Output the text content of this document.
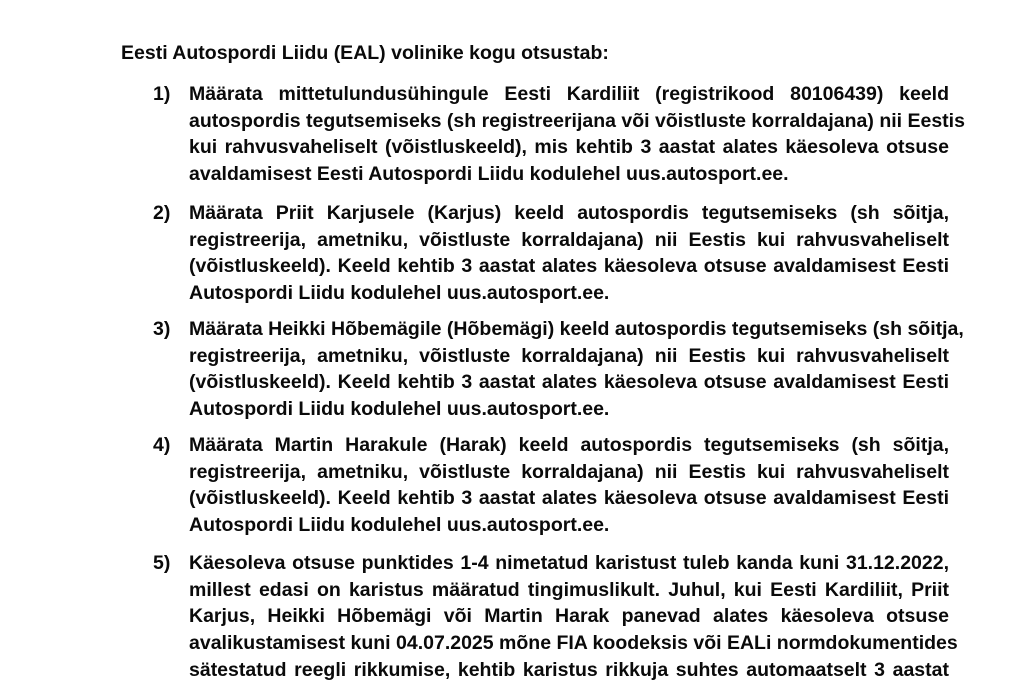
Eesti Autospordi Liidu (EAL) volinike kogu otsustab:
1) Määrata mittetulundusühingule Eesti Kardiliit (registrikood 80106439) keeld
autospordis tegutsemiseks (sh registreerijana või võistluste korraldajana) nii Eestis
kui rahvusvaheliselt (võistluskeeld), mis kehtib 3 aastat alates käesoleva otsuse
avaldamisest Eesti Autospordi Liidu kodulehel uus.autosport.ee.
2) Määrata Priit Karjusele (Karjus) keeld autospordis tegutsemiseks (sh sõitja,
registreerija, ametniku, võistluste korraldajana) nii Eestis kui rahvusvaheliselt
(võistluskeeld). Keeld kehtib 3 aastat alates käesoleva otsuse avaldamisest Eesti
Autospordi Liidu kodulehel uus.autosport.ee.
3) Määrata Heikki Hõbemägile (Hõbemägi) keeld autospordis tegutsemiseks (sh sõitja,
registreerija, ametniku, võistluste korraldajana) nii Eestis kui rahvusvaheliselt
(võistluskeeld). Keeld kehtib 3 aastat alates käesoleva otsuse avaldamisest Eesti
Autospordi Liidu kodulehel uus.autosport.ee.
4) Määrata Martin Harakule (Harak) keeld autospordis tegutsemiseks (sh sõitja,
registreerija, ametniku, võistluste korraldajana) nii Eestis kui rahvusvaheliselt
(võistluskeeld). Keeld kehtib 3 aastat alates käesoleva otsuse avaldamisest Eesti
Autospordi Liidu kodulehel uus.autosport.ee.
5) Käesoleva otsuse punktides 1-4 nimetatud karistust tuleb kanda kuni 31.12.2022,
millest edasi on karistus määratud tingimuslikult. Juhul, kui Eesti Kardiliit, Priit
Karjus, Heikki Hõbemägi või Martin Harak panevad alates käesoleva otsuse
avalikustamisest kuni 04.07.2025 mõne FIA koodeksis või EALi normdokumentides
sätestatud reegli rikkumise, kehtib karistus rikkuja suhtes automaatselt 3 aastat
